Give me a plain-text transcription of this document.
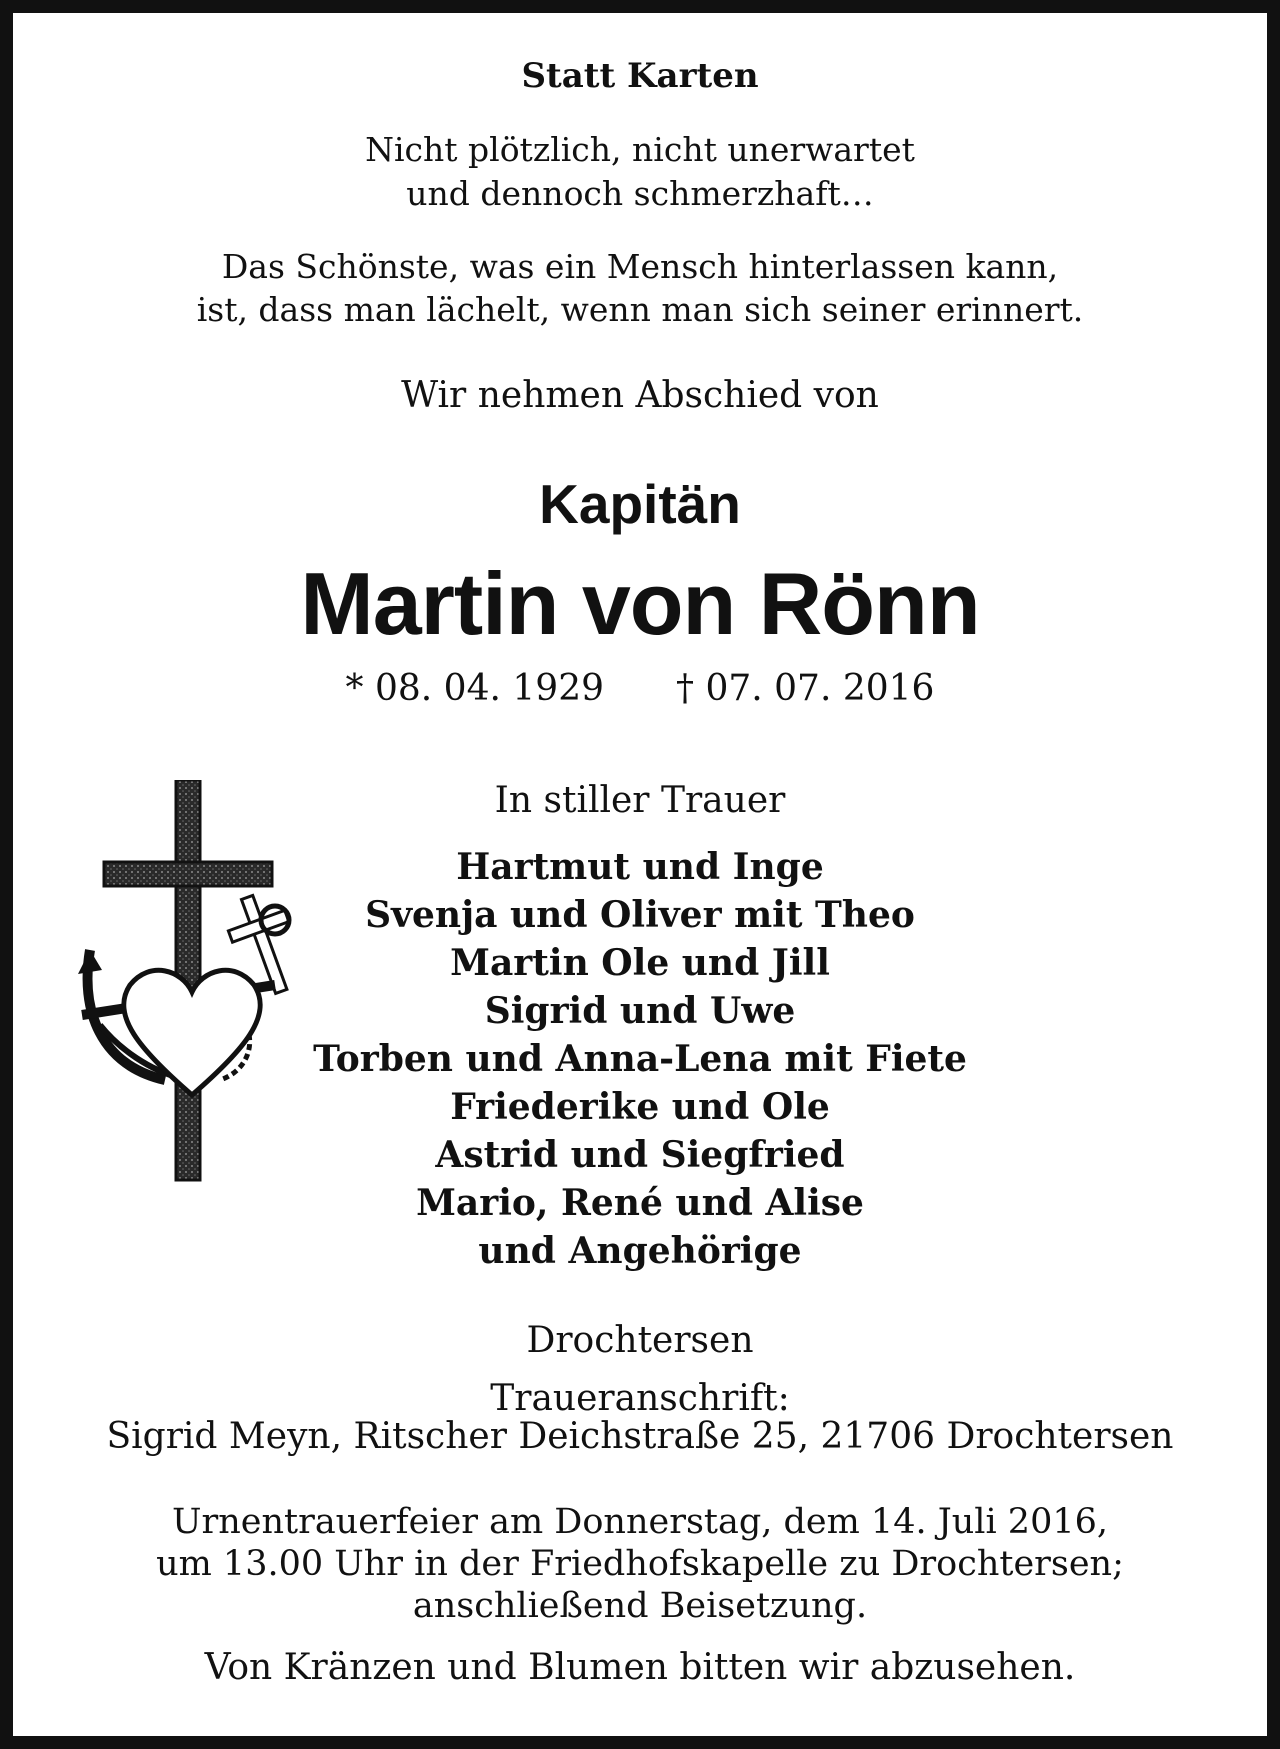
Statt Karten
Nicht plötzlich, nicht unerwartet
und dennoch schmerzhaft…
Das Schönste, was ein Mensch hinterlassen kann,
ist, dass man lächelt, wenn man sich seiner erinnert.
Wir nehmen Abschied von
Kapitän
Martin von Rönn
* 08. 04. 1929 † 07. 07. 2016
In stiller Trauer
Hartmut und Inge
Svenja und Oliver mit Theo
Martin Ole und Jill
Sigrid und Uwe
Torben und Anna-Lena mit Fiete
Friederike und Ole
Astrid und Siegfried
Mario, René und Alise
und Angehörige
Drochtersen
Traueranschrift:
Sigrid Meyn, Ritscher Deichstraße 25, 21706 Drochtersen
Urnentrauerfeier am Donnerstag, dem 14. Juli 2016,
um 13.00 Uhr in der Friedhofskapelle zu Drochtersen;
anschließend Beisetzung.
Von Kränzen und Blumen bitten wir abzusehen.
